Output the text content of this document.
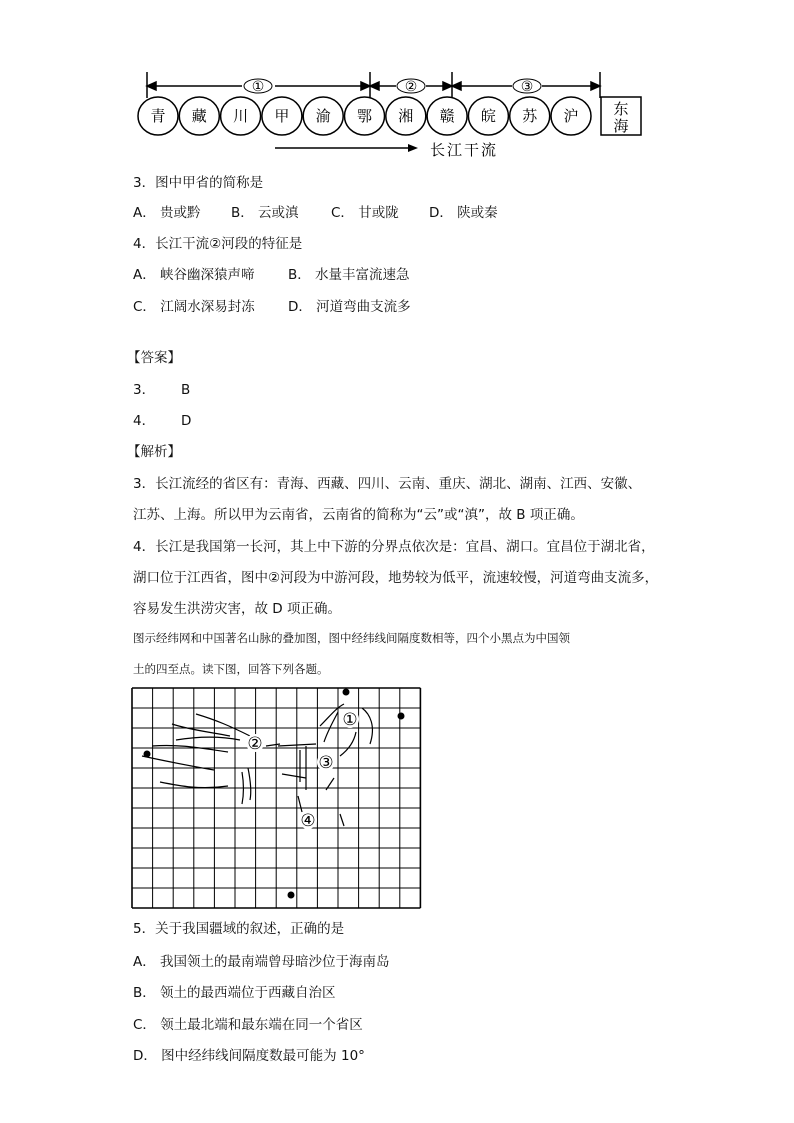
①	②	③
青 藏 川 甲 渝 鄂 湘 赣 皖 苏 沪 东
海
长江干流
3．图中甲省的简称是
A． 贵或黔 B． 云或滇 C． 甘或陇 D． 陕或秦
4．长江干流②河段的特征是
A． 峡谷幽深猿声啼 B． 水量丰富流速急
C． 江阔水深易封冻 D． 河道弯曲支流多
【答案】
3． B
4． D
【解析】
3．长江流经的省区有：青海、西藏、四川、云南、重庆、湖北、湖南、江西、安徽、
江苏、上海。所以甲为云南省，云南省的简称为“云”或“滇”，故 B 项正确。
4．长江是我国第一长河，其上中下游的分界点依次是：宜昌、湖口。宜昌位于湖北省，
湖口位于江西省，图中②河段为中游河段，地势较为低平，流速较慢，河道弯曲支流多，
容易发生洪涝灾害，故 D 项正确。
图示经纬网和中国著名山脉的叠加图，图中经纬线间隔度数相等，四个小黑点为中国领
土的四至点。读下图，回答下列各题。
①
②
③
④
5．关于我国疆域的叙述，正确的是
A． 我国领土的最南端曾母暗沙位于海南岛
B． 领土的最西端位于西藏自治区
C． 领土最北端和最东端在同一个省区
D． 图中经纬线间隔度数最可能为 10°
